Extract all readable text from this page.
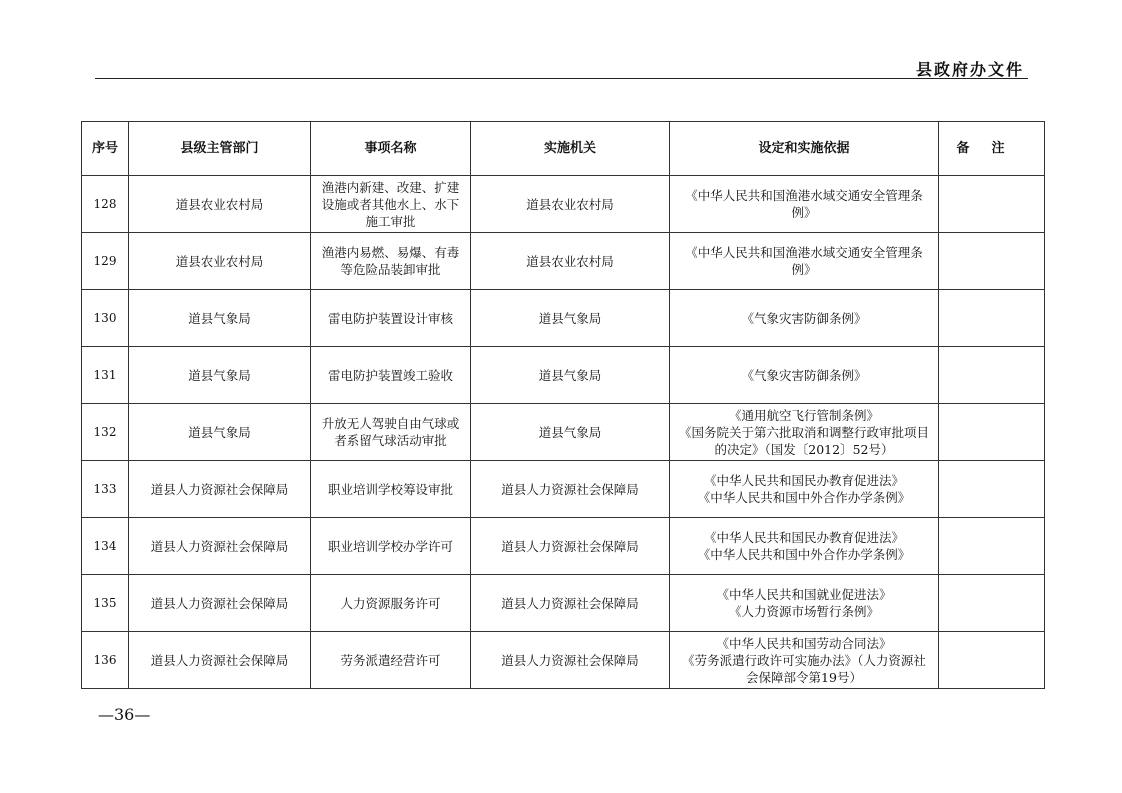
县政府办文件
序号	县级主管部门	事项名称	实施机关	设定和实施依据	备注
128	道县农业农村局	渔港内新建、改建、扩建设施或者其他水上、水下施工审批	道县农业农村局	《中华人民共和国渔港水域交通安全管理条例》	

129	道县农业农村局	渔港内易燃、易爆、有毒等危险品装卸审批	道县农业农村局	《中华人民共和国渔港水域交通安全管理条例》	

130	道县气象局	雷电防护装置设计审核	道县气象局	《气象灾害防御条例》	

131	道县气象局	雷电防护装置竣工验收	道县气象局	《气象灾害防御条例》	

132	道县气象局	升放无人驾驶自由气球或者系留气球活动审批	道县气象局	《通用航空飞行管制条例》
《国务院关于第六批取消和调整行政审批项目的决定》（国发〔2012〕52号）	

133	道县人力资源社会保障局	职业培训学校筹设审批	道县人力资源社会保障局	《中华人民共和国民办教育促进法》
《中华人民共和国中外合作办学条例》	

134	道县人力资源社会保障局	职业培训学校办学许可	道县人力资源社会保障局	《中华人民共和国民办教育促进法》
《中华人民共和国中外合作办学条例》	

135	道县人力资源社会保障局	人力资源服务许可	道县人力资源社会保障局	《中华人民共和国就业促进法》
《人力资源市场暂行条例》	

136	道县人力资源社会保障局	劳务派遣经营许可	道县人力资源社会保障局	《中华人民共和国劳动合同法》
《劳务派遣行政许可实施办法》（人力资源社会保障部令第19号）	

—36—
